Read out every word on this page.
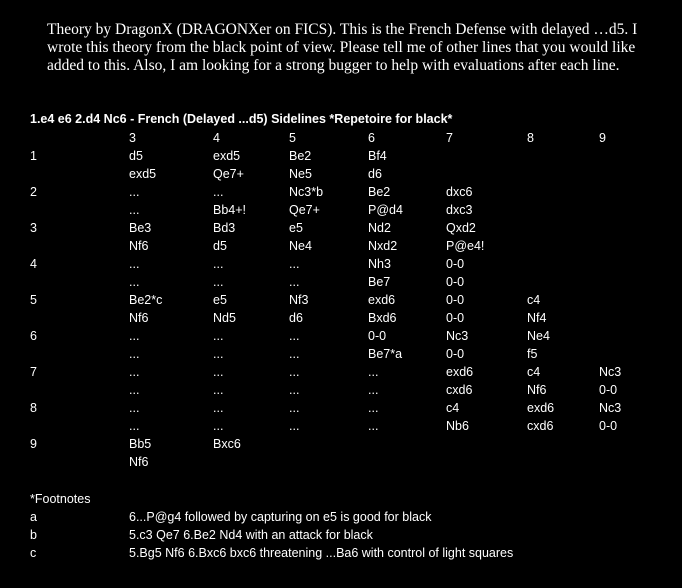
Theory by DragonX (DRAGONXer on FICS). This is the French Defense with delayed …d5. I wrote this theory from the black point of view. Please tell me of other lines that you would like added to this. Also, I am looking for a strong bugger to help with evaluations after each line.

1.e4 e6 2.d4 Nc6 - French (Delayed ...d5) Sidelines *Repetoire for black*

3	4	5	6	7	8	9
1	d5	exd5	Be2	Bf4
exd5	Qe7+	Ne5	d6
2	...	...	Nc3*b	Be2	dxc6
...	Bb4+!	Qe7+	P@d4	dxc3
3	Be3	Bd3	e5	Nd2	Qxd2
Nf6	d5	Ne4	Nxd2	P@e4!
4	...	...	...	Nh3	0-0
...	...	...	Be7	0-0
5	Be2*c	e5	Nf3	exd6	0-0	c4
Nf6	Nd5	d6	Bxd6	0-0	Nf4
6	...	...	...	0-0	Nc3	Ne4
...	...	...	Be7*a	0-0	f5
7	...	...	...	...	exd6	c4	Nc3
...	...	...	...	cxd6	Nf6	0-0
8	...	...	...	...	c4	exd6	Nc3
...	...	...	...	Nb6	cxd6	0-0
9	Bb5	Bxc6
Nf6
*Footnotes
a	6...P@g4 followed by capturing on e5 is good for black
b	5.c3 Qe7 6.Be2 Nd4 with an attack for black
c	5.Bg5 Nf6 6.Bxc6 bxc6 threatening ...Ba6 with control of light squares
